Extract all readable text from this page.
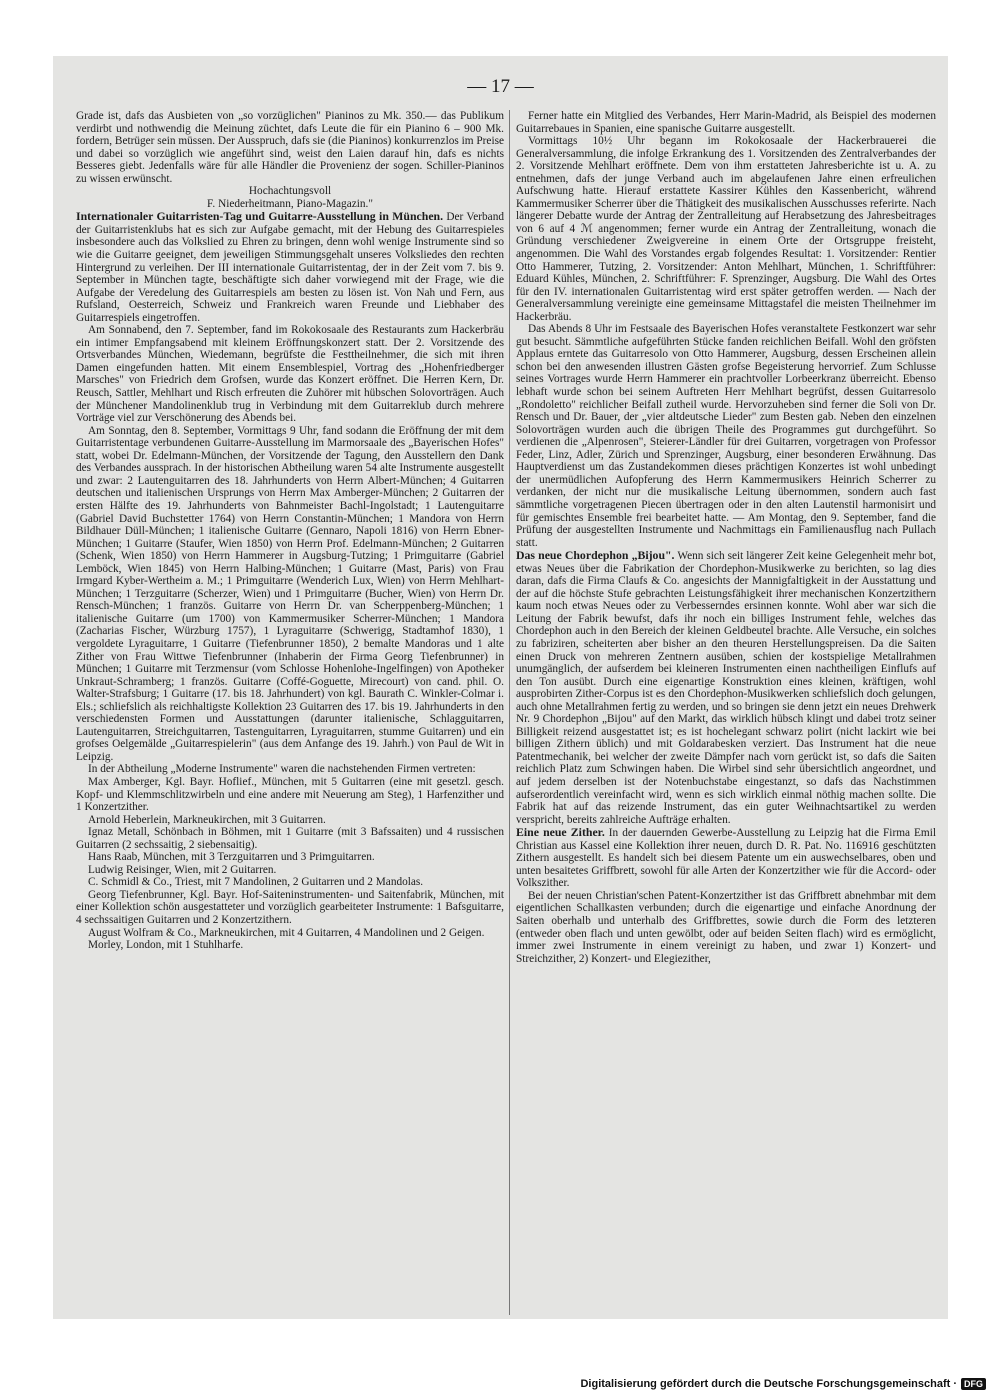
— 17 —

Grade ist, dafs das Ausbieten von „so vorzüglichen" Pianinos zu Mk. 350.— das Publikum verdirbt und nothwendig die Meinung züchtet, dafs Leute die für ein Pianino 6 – 900 Mk. fordern, Betrüger sein müssen. Der Ausspruch, dafs sie (die Pianinos) konkurrenzlos im Preise und dabei so vorzüglich wie angeführt sind, weist den Laien darauf hin, dafs es nichts Besseres giebt. Jedenfalls wäre für alle Händler die Provenienz der sogen. Schiller-Pianinos zu wissen erwünscht.

Hochachtungsvoll

F. Niederheitmann, Piano-Magazin."

Internationaler Guitarristen-Tag und Guitarre-Ausstellung in München. Der Verband der Guitarristenklubs hat es sich zur Aufgabe gemacht, mit der Hebung des Guitarrespieles insbesondere auch das Volkslied zu Ehren zu bringen, denn wohl wenige Instrumente sind so wie die Guitarre geeignet, dem jeweiligen Stimmungsgehalt unseres Volksliedes den rechten Hintergrund zu verleihen. Der III internationale Guitarristentag, der in der Zeit vom 7. bis 9. September in München tagte, beschäftigte sich daher vorwiegend mit der Frage, wie die Aufgabe der Veredelung des Guitarrespiels am besten zu lösen ist. Von Nah und Fern, aus Rufsland, Oesterreich, Schweiz und Frankreich waren Freunde und Liebhaber des Guitarrespiels eingetroffen.

Am Sonnabend, den 7. September, fand im Rokokosaale des Restaurants zum Hackerbräu ein intimer Empfangsabend mit kleinem Eröffnungskonzert statt. Der 2. Vorsitzende des Ortsverbandes München, Wiedemann, begrüfste die Festtheilnehmer, die sich mit ihren Damen eingefunden hatten. Mit einem Ensemblespiel, Vortrag des „Hohenfriedberger Marsches" von Friedrich dem Grofsen, wurde das Konzert eröffnet. Die Herren Kern, Dr. Reusch, Sattler, Mehlhart und Risch erfreuten die Zuhörer mit hübschen Solovorträgen. Auch der Münchener Mandolinenklub trug in Verbindung mit dem Guitarreklub durch mehrere Vorträge viel zur Verschönerung des Abends bei.

Am Sonntag, den 8. September, Vormittags 9 Uhr, fand sodann die Eröffnung der mit dem Guitarristentage verbundenen Guitarre-Ausstellung im Marmorsaale des „Bayerischen Hofes" statt, wobei Dr. Edelmann-München, der Vorsitzende der Tagung, den Ausstellern den Dank des Verbandes aussprach. In der historischen Abtheilung waren 54 alte Instrumente ausgestellt und zwar: 2 Lautenguitarren des 18. Jahrhunderts von Herrn Albert-München; 4 Guitarren deutschen und italienischen Ursprungs von Herrn Max Amberger-München; 2 Guitarren der ersten Hälfte des 19. Jahrhunderts von Bahnmeister Bachl-Ingolstadt; 1 Lautenguitarre (Gabriel David Buchstetter 1764) von Herrn Constantin-München; 1 Mandora von Herrn Bildhauer Düll-München; 1 italienische Guitarre (Gennaro, Napoli 1816) von Herrn Ebner-München; 1 Guitarre (Staufer, Wien 1850) von Herrn Prof. Edelmann-München; 2 Guitarren (Schenk, Wien 1850) von Herrn Hammerer in Augsburg-Tutzing; 1 Primguitarre (Gabriel Lemböck, Wien 1845) von Herrn Halbing-München; 1 Guitarre (Mast, Paris) von Frau Irmgard Kyber-Wertheim a. M.; 1 Primguitarre (Wenderich Lux, Wien) von Herrn Mehlhart-München; 1 Terzguitarre (Scherzer, Wien) und 1 Primguitarre (Bucher, Wien) von Herrn Dr. Rensch-München; 1 französ. Guitarre von Herrn Dr. van Scherppenberg-München; 1 italienische Guitarre (um 1700) von Kammermusiker Scherrer-München; 1 Mandora (Zacharias Fischer, Würzburg 1757), 1 Lyraguitarre (Schwerigg, Stadtamhof 1830), 1 vergoldete Lyraguitarre, 1 Guitarre (Tiefenbrunner 1850), 2 bemalte Mandoras und 1 alte Zither von Frau Wittwe Tiefenbrunner (Inhaberin der Firma Georg Tiefenbrunner) in München; 1 Guitarre mit Terzmensur (vom Schlosse Hohenlohe-Ingelfingen) von Apotheker Unkraut-Schramberg; 1 französ. Guitarre (Coffé-Goguette, Mirecourt) von cand. phil. O. Walter-Strafsburg; 1 Guitarre (17. bis 18. Jahrhundert) von kgl. Baurath C. Winkler-Colmar i. Els.; schliefslich als reichhaltigste Kollektion 23 Guitarren des 17. bis 19. Jahrhunderts in den verschiedensten Formen und Ausstattungen (darunter italienische, Schlagguitarren, Lautenguitarren, Streichguitarren, Tastenguitarren, Lyraguitarren, stumme Guitarren) und ein grofses Oelgemälde „Guitarrespielerin" (aus dem Anfange des 19. Jahrh.) von Paul de Wit in Leipzig.

In der Abtheilung „Moderne Instrumente" waren die nachstehenden Firmen vertreten:

Max Amberger, Kgl. Bayr. Hoflief., München, mit 5 Guitarren (eine mit gesetzl. gesch. Kopf- und Klemmschlitzwirbeln und eine andere mit Neuerung am Steg), 1 Harfenzither und 1 Konzertzither.

Arnold Heberlein, Markneukirchen, mit 3 Guitarren.

Ignaz Metall, Schönbach in Böhmen, mit 1 Guitarre (mit 3 Bafssaiten) und 4 russischen Guitarren (2 sechssaitig, 2 siebensaitig).

Hans Raab, München, mit 3 Terzguitarren und 3 Primguitarren.

Ludwig Reisinger, Wien, mit 2 Guitarren.

C. Schmidl & Co., Triest, mit 7 Mandolinen, 2 Guitarren und 2 Mandolas.

Georg Tiefenbrunner, Kgl. Bayr. Hof-Saiteninstrumenten- und Saitenfabrik, München, mit einer Kollektion schön ausgestatteter und vorzüglich gearbeiteter Instrumente: 1 Bafsguitarre, 4 sechssaitigen Guitarren und 2 Konzertzithern.

August Wolfram & Co., Markneukirchen, mit 4 Guitarren, 4 Mandolinen und 2 Geigen.

Morley, London, mit 1 Stuhlharfe.

Ferner hatte ein Mitglied des Verbandes, Herr Marin-Madrid, als Beispiel des modernen Guitarrebaues in Spanien, eine spanische Guitarre ausgestellt.

Vormittags 10½ Uhr begann im Rokokosaale der Hackerbrauerei die Generalversammlung, die infolge Erkrankung des 1. Vorsitzenden des Zentralverbandes der 2. Vorsitzende Mehlhart eröffnete. Dem von ihm erstatteten Jahresberichte ist u. A. zu entnehmen, dafs der junge Verband auch im abgelaufenen Jahre einen erfreulichen Aufschwung hatte. Hierauf erstattete Kassirer Kühles den Kassenbericht, während Kammermusiker Scherrer über die Thätigkeit des musikalischen Ausschusses referirte. Nach längerer Debatte wurde der Antrag der Zentralleitung auf Herabsetzung des Jahresbeitrages von 6 auf 4 ℳ angenommen; ferner wurde ein Antrag der Zentralleitung, wonach die Gründung verschiedener Zweigvereine in einem Orte der Ortsgruppe freisteht, angenommen. Die Wahl des Vorstandes ergab folgendes Resultat: 1. Vorsitzender: Rentier Otto Hammerer, Tutzing, 2. Vorsitzender: Anton Mehlhart, München, 1. Schriftführer: Eduard Kühles, München, 2. Schriftführer: F. Sprenzinger, Augsburg. Die Wahl des Ortes für den IV. internationalen Guitarristentag wird erst später getroffen werden. — Nach der Generalversammlung vereinigte eine gemeinsame Mittagstafel die meisten Theilnehmer im Hackerbräu.

Das Abends 8 Uhr im Festsaale des Bayerischen Hofes veranstaltete Festkonzert war sehr gut besucht. Sämmtliche aufgeführten Stücke fanden reichlichen Beifall. Wohl den gröfsten Applaus erntete das Guitarresolo von Otto Hammerer, Augsburg, dessen Erscheinen allein schon bei den anwesenden illustren Gästen grofse Begeisterung hervorrief. Zum Schlusse seines Vortrages wurde Herrn Hammerer ein prachtvoller Lorbeerkranz überreicht. Ebenso lebhaft wurde schon bei seinem Auftreten Herr Mehlhart begrüfst, dessen Guitarresolo „Rondoletto" reichlicher Beifall zutheil wurde. Hervorzuheben sind ferner die Soli von Dr. Rensch und Dr. Bauer, der „vier altdeutsche Lieder" zum Besten gab. Neben den einzelnen Solovorträgen wurden auch die übrigen Theile des Programmes gut durchgeführt. So verdienen die „Alpenrosen", Steierer-Ländler für drei Guitarren, vorgetragen von Professor Feder, Linz, Adler, Zürich und Sprenzinger, Augsburg, einer besonderen Erwähnung. Das Hauptverdienst um das Zustandekommen dieses prächtigen Konzertes ist wohl unbedingt der unermüdlichen Aufopferung des Herrn Kammermusikers Heinrich Scherrer zu verdanken, der nicht nur die musikalische Leitung übernommen, sondern auch fast sämmtliche vorgetragenen Piecen übertragen oder in den alten Lautenstil harmonisirt und für gemischtes Ensemble frei bearbeitet hatte. — Am Montag, den 9. September, fand die Prüfung der ausgestellten Instrumente und Nachmittags ein Familienausflug nach Pullach statt.

Das neue Chordephon „Bijou". Wenn sich seit längerer Zeit keine Gelegenheit mehr bot, etwas Neues über die Fabrikation der Chordephon-Musikwerke zu berichten, so lag dies daran, dafs die Firma Claufs & Co. angesichts der Mannigfaltigkeit in der Ausstattung und der auf die höchste Stufe gebrachten Leistungsfähigkeit ihrer mechanischen Konzertzithern kaum noch etwas Neues oder zu Verbesserndes ersinnen konnte. Wohl aber war sich die Leitung der Fabrik bewufst, dafs ihr noch ein billiges Instrument fehle, welches das Chordephon auch in den Bereich der kleinen Geldbeutel brachte. Alle Versuche, ein solches zu fabriziren, scheiterten aber bisher an den theuren Herstellungspreisen. Da die Saiten einen Druck von mehreren Zentnern ausüben, schien der kostspielige Metallrahmen unumgänglich, der aufserdem bei kleineren Instrumenten einen nachtheiligen Einflufs auf den Ton ausübt. Durch eine eigenartige Konstruktion eines kleinen, kräftigen, wohl ausprobirten Zither-Corpus ist es den Chordephon-Musikwerken schliefslich doch gelungen, auch ohne Metallrahmen fertig zu werden, und so bringen sie denn jetzt ein neues Drehwerk Nr. 9 Chordephon „Bijou" auf den Markt, das wirklich hübsch klingt und dabei trotz seiner Billigkeit reizend ausgestattet ist; es ist hochelegant schwarz polirt (nicht lackirt wie bei billigen Zithern üblich) und mit Goldarabesken verziert. Das Instrument hat die neue Patentmechanik, bei welcher der zweite Dämpfer nach vorn gerückt ist, so dafs die Saiten reichlich Platz zum Schwingen haben. Die Wirbel sind sehr übersichtlich angeordnet, und auf jedem derselben ist der Notenbuchstabe eingestanzt, so dafs das Nachstimmen aufserordentlich vereinfacht wird, wenn es sich wirklich einmal nöthig machen sollte. Die Fabrik hat auf das reizende Instrument, das ein guter Weihnachtsartikel zu werden verspricht, bereits zahlreiche Aufträge erhalten.

Eine neue Zither. In der dauernden Gewerbe-Ausstellung zu Leipzig hat die Firma Emil Christian aus Kassel eine Kollektion ihrer neuen, durch D. R. Pat. No. 116916 geschützten Zithern ausgestellt. Es handelt sich bei diesem Patente um ein auswechselbares, oben und unten besaitetes Griffbrett, sowohl für alle Arten der Konzertzither wie für die Accord- oder Volkszither.

Bei der neuen Christian'schen Patent-Konzertzither ist das Griffbrett abnehmbar mit dem eigentlichen Schallkasten verbunden; durch die eigenartige und einfache Anordnung der Saiten oberhalb und unterhalb des Griffbrettes, sowie durch die Form des letzteren (entweder oben flach und unten gewölbt, oder auf beiden Seiten flach) wird es ermöglicht, immer zwei Instrumente in einem vereinigt zu haben, und zwar 1) Konzert- und Streichzither, 2) Konzert- und Elegiezither,

Digitalisierung gefördert durch die Deutsche Forschungsgemeinschaft · DFG
